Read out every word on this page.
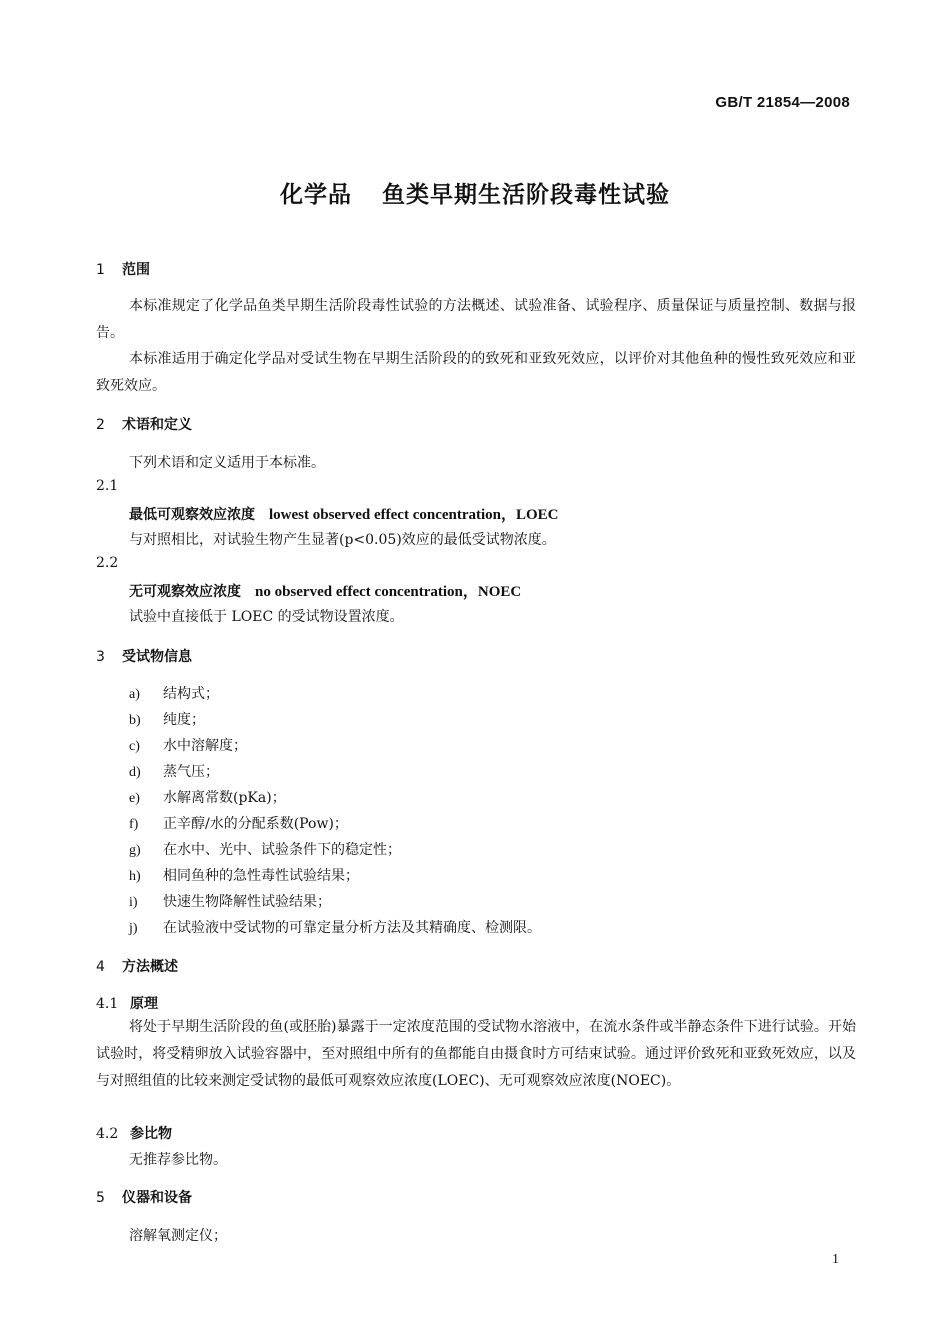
GB/T 21854—2008
化学品 鱼类早期生活阶段毒性试验
1 范围
本标准规定了化学品鱼类早期生活阶段毒性试验的方法概述、试验准备、试验程序、质量保证与质量控制、数据与报告。
本标准适用于确定化学品对受试生物在早期生活阶段的的致死和亚致死效应，以评价对其他鱼种的慢性致死效应和亚致死效应。
2 术语和定义
下列术语和定义适用于本标准。
2.1
最低可观察效应浓度 lowest observed effect concentration，LOEC
与对照相比，对试验生物产生显著(p<0.05)效应的最低受试物浓度。
2.2
无可观察效应浓度 no observed effect concentration，NOEC
试验中直接低于 LOEC 的受试物设置浓度。
3 受试物信息
a) 结构式；
b) 纯度；
c) 水中溶解度；
d) 蒸气压；
e) 水解离常数(pKa)；
f) 正辛醇/水的分配系数(Pow)；
g) 在水中、光中、试验条件下的稳定性；
h) 相同鱼种的急性毒性试验结果；
i) 快速生物降解性试验结果；
j) 在试验液中受试物的可靠定量分析方法及其精确度、检测限。
4 方法概述
4.1 原理
将处于早期生活阶段的鱼(或胚胎)暴露于一定浓度范围的受试物水溶液中，在流水条件或半静态条件下进行试验。开始试验时，将受精卵放入试验容器中，至对照组中所有的鱼都能自由摄食时方可结束试验。通过评价致死和亚致死效应，以及与对照组值的比较来测定受试物的最低可观察效应浓度(LOEC)、无可观察效应浓度(NOEC)。
4.2 参比物
无推荐参比物。
5 仪器和设备
溶解氧测定仪；
1
